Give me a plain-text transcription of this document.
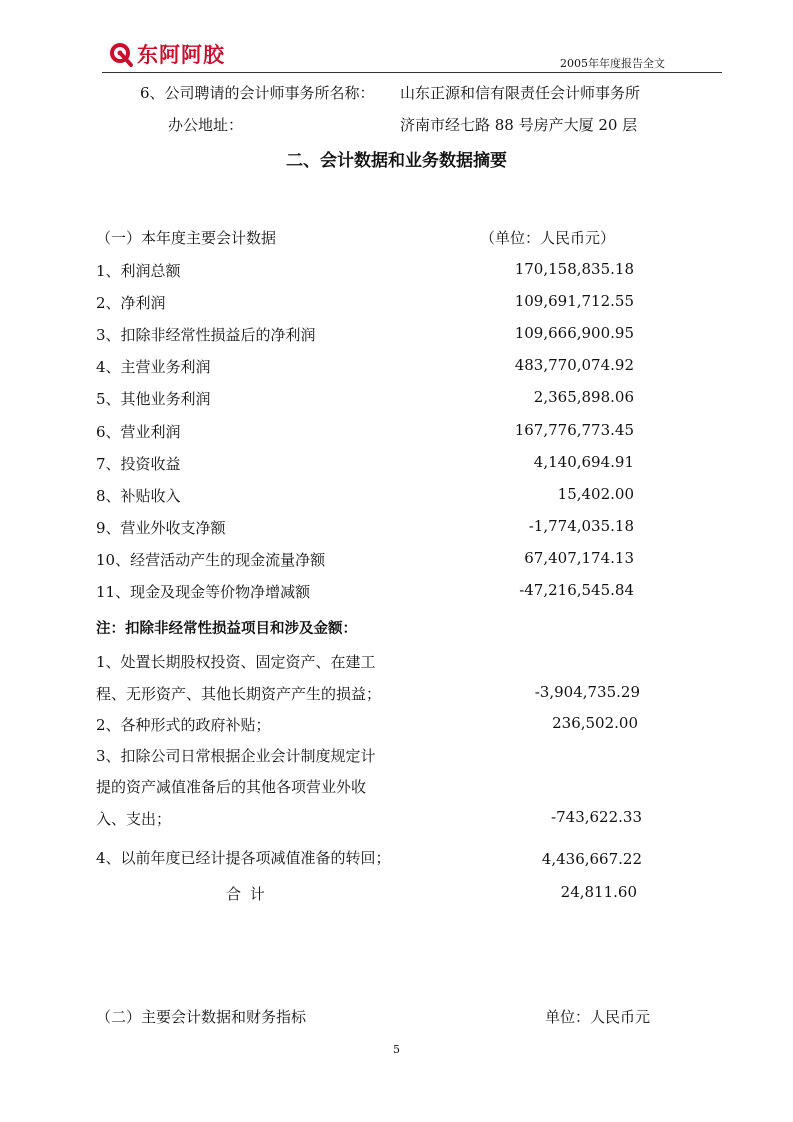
东阿阿胶	2005年年度报告全文
6、公司聘请的会计师事务所名称： 山东正源和信有限责任会计师事务所
办公地址：	济南市经七路 88 号房产大厦 20 层
二、会计数据和业务数据摘要
（一）本年度主要会计数据	（单位：人民币元）
1、利润总额	170,158,835.18
2、净利润	109,691,712.55
3、扣除非经常性损益后的净利润	109,666,900.95
4、主营业务利润	483,770,074.92
5、其他业务利润	2,365,898.06
6、营业利润	167,776,773.45
7、投资收益	4,140,694.91
8、补贴收入	15,402.00
9、营业外收支净额	-1,774,035.18
10、经营活动产生的现金流量净额	67,407,174.13
11、现金及现金等价物净增减额	-47,216,545.84
注：扣除非经常性损益项目和涉及金额：
1、处置长期股权投资、固定资产、在建工
程、无形资产、其他长期资产产生的损益；	-3,904,735.29
2、各种形式的政府补贴；	236,502.00
3、扣除公司日常根据企业会计制度规定计
提的资产减值准备后的其他各项营业外收
入、支出；	-743,622.33
4、以前年度已经计提各项减值准备的转回；	4,436,667.22
合 计	24,811.60
（二）主要会计数据和财务指标	单位：人民币元
5
